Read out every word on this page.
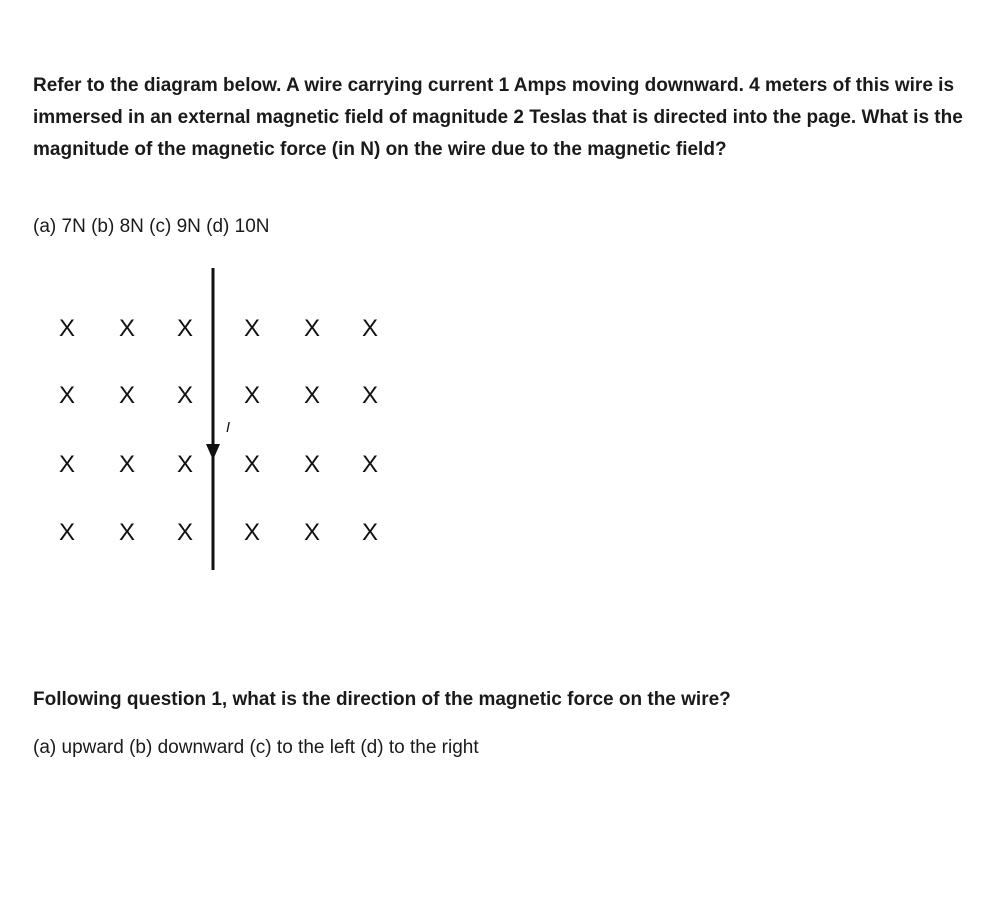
Refer to the diagram below. A wire carrying current 1 Amps moving downward. 4 meters of this wire is immersed in an external magnetic field of magnitude 2 Teslas that is directed into the page. What is the magnitude of the magnetic force (in N) on the wire due to the magnetic field?

(a) 7N (b) 8N (c) 9N (d) 10N

X X X X X X
X X X X X X
X X X X X X
X X X X X X
I

Following question 1, what is the direction of the magnetic force on the wire?

(a) upward (b) downward (c) to the left (d) to the right
